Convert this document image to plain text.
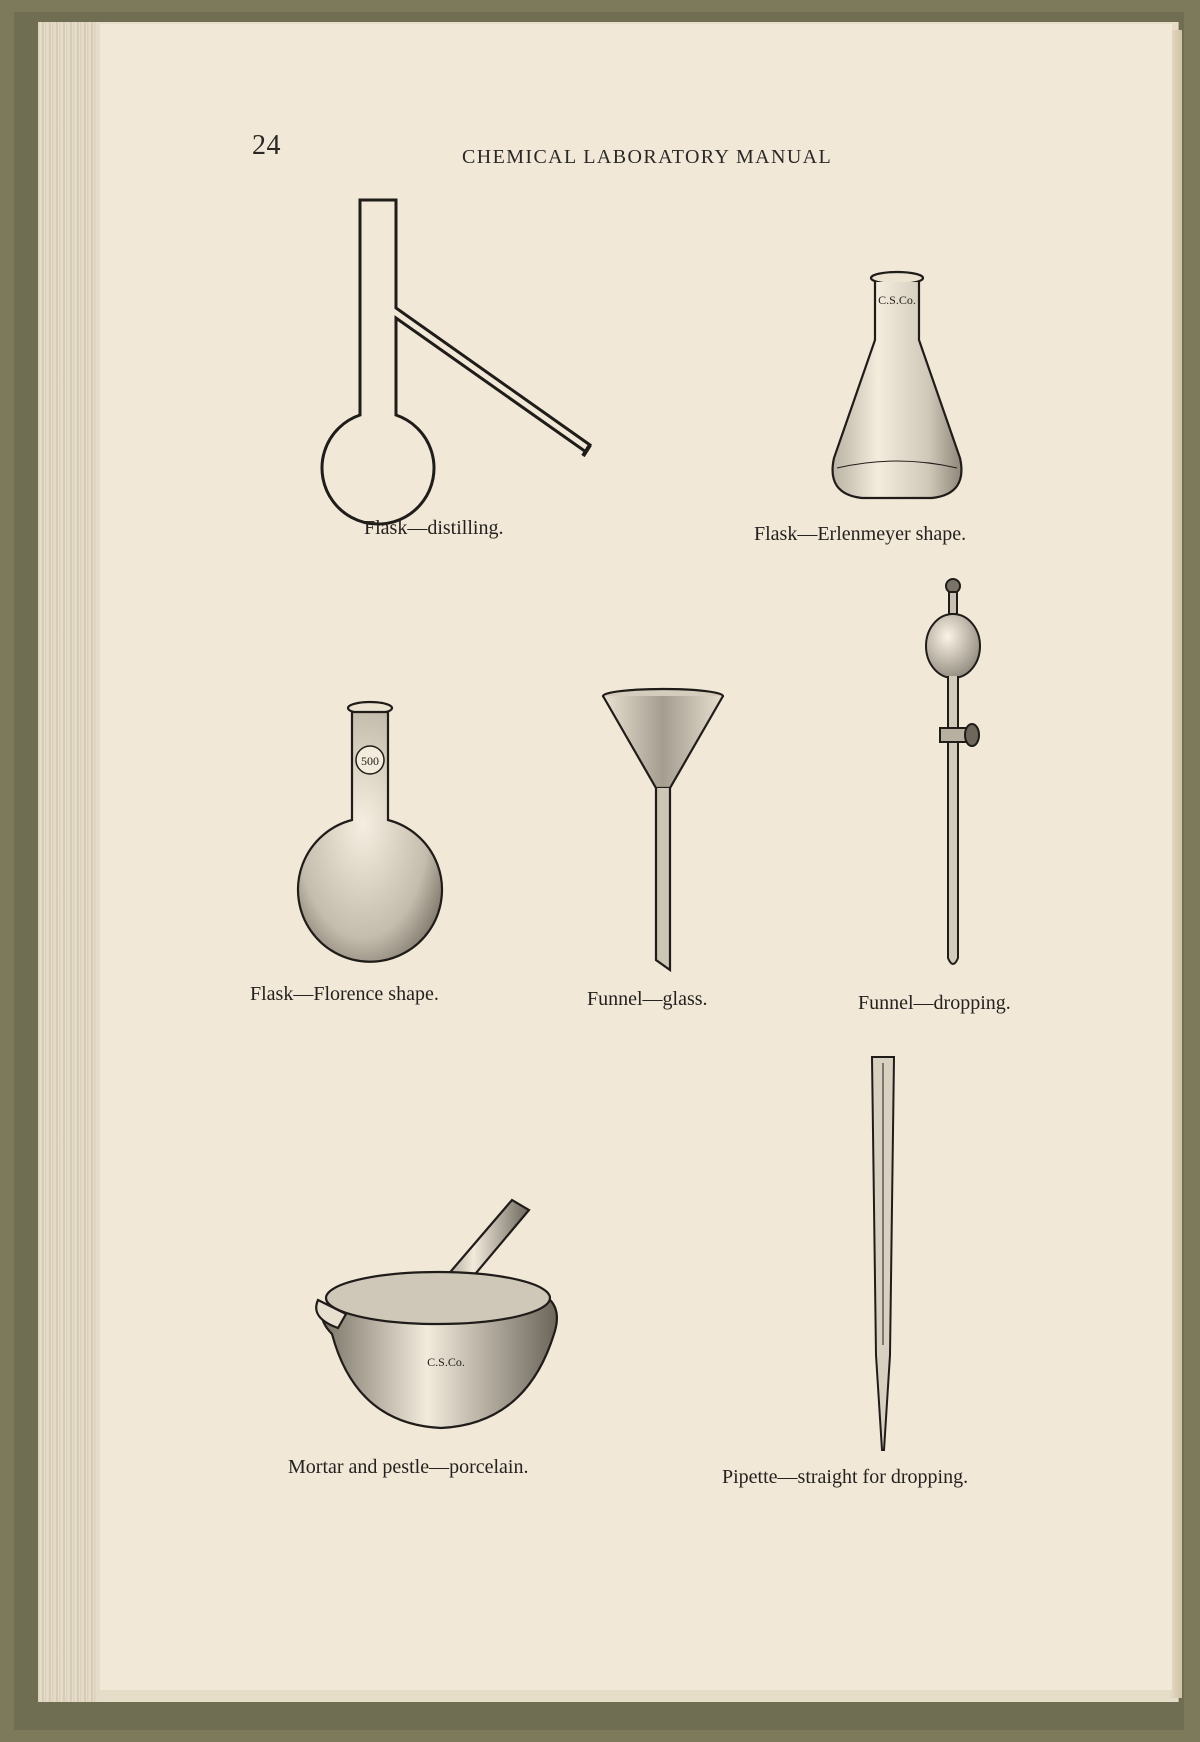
24	CHEMICAL LABORATORY MANUAL
Flask—distilling.
C.S.Co.
Flask—Erlenmeyer shape.
Funnel—dropping.
500
Flask—Florence shape.	Funnel—glass.
C.S.Co.
Mortar and pestle—porcelain.	Pipette—straight for dropping.
